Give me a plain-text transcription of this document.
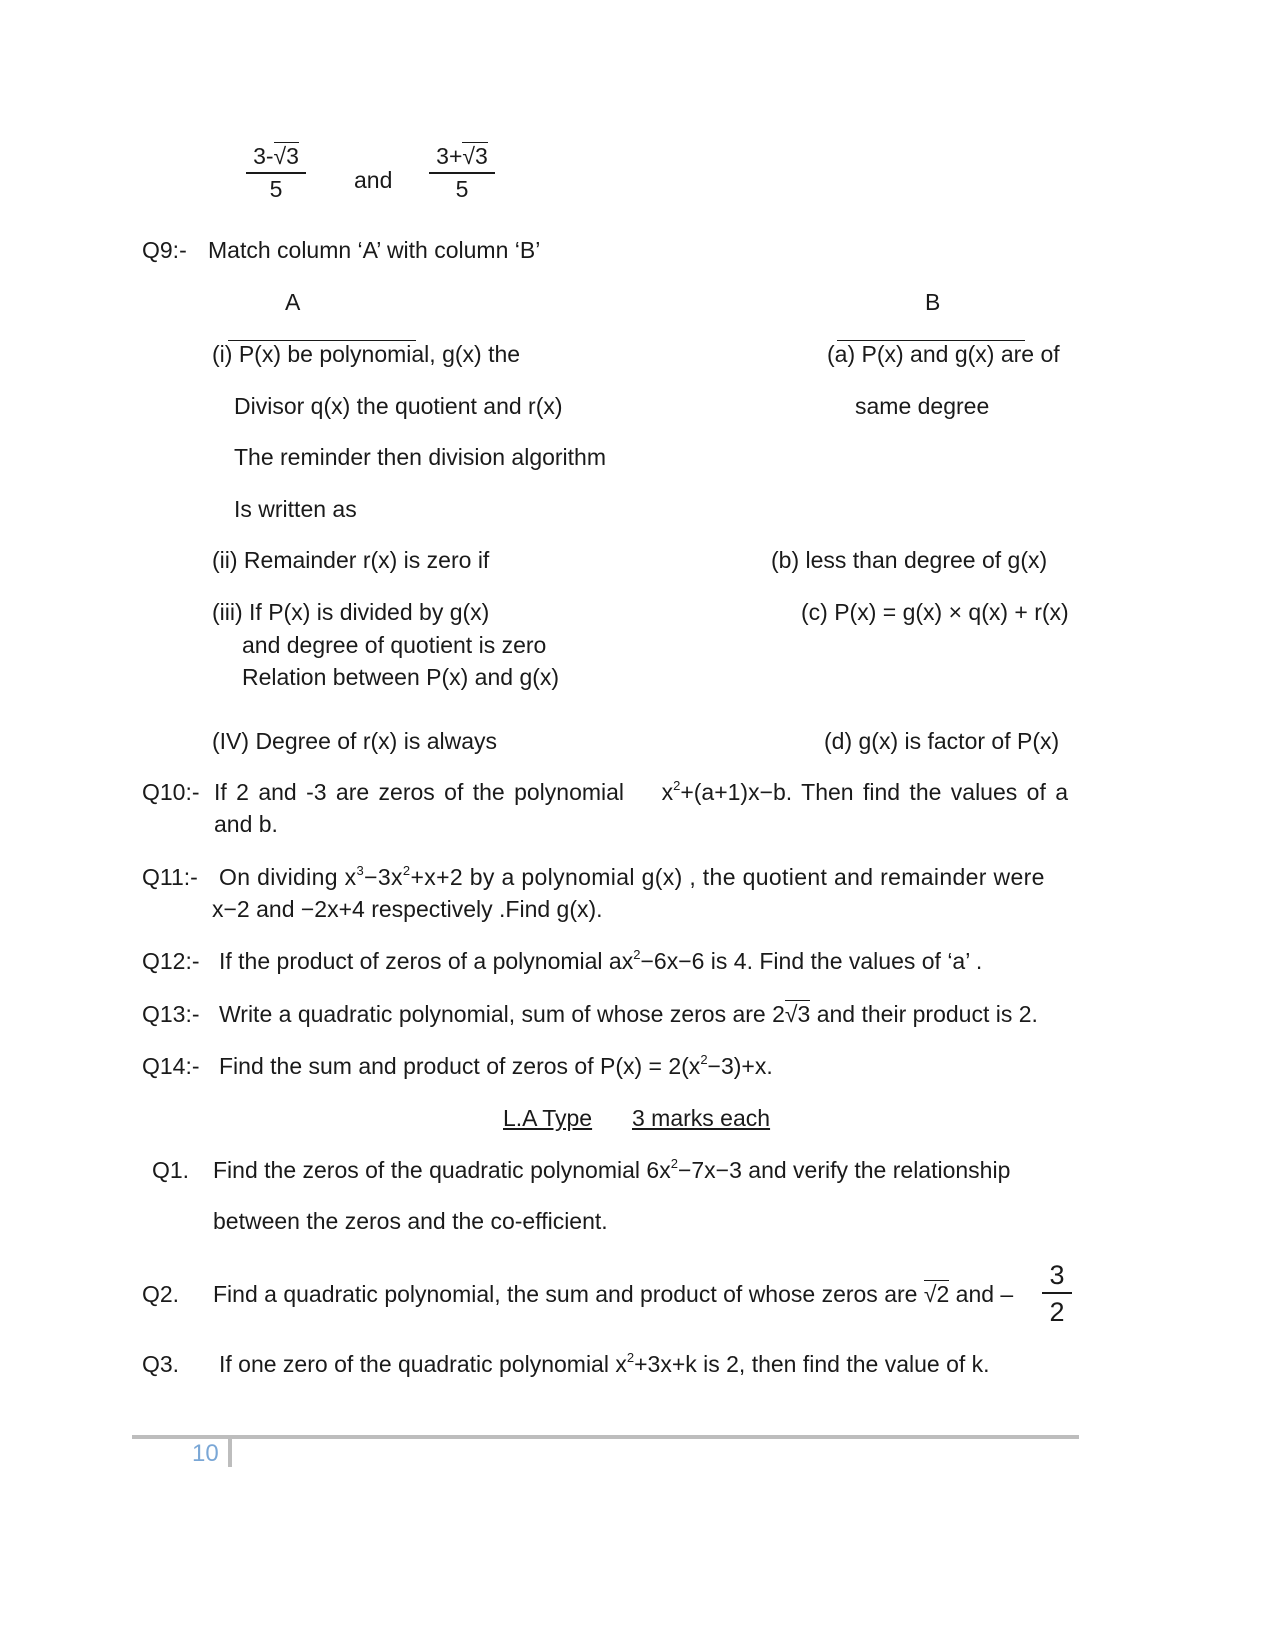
$\frac{3- √ 3}{5}$ and $\frac{3+ √ 3}{5}$
Q9:- Match column ‘A’ with column ‘B’
A	B
(i) P(x) be polynomial, g(x) the
Divisor q(x) the quotient and r(x)
The reminder then division algorithm
Is written as
(ii) Remainder r(x) is zero if
(iii) If P(x) is divided by g(x)
and degree of quotient is zero
Relation between P(x) and g(x)
(IV) Degree of r(x) is always
(a) P(x) and g(x) are of
same degree
(b) less than degree of g(x)
(c) P(x) = g(x) × q(x) + r(x)
(d) g(x) is factor of P(x)
Q10:- If 2 and -3 are zeros of the polynomial $x^2+(a+1)x-b$. Then find the values of a
and b.
Q11:- On dividing $x^3-3x^2+x+2$ by a polynomial g(x) , the quotient and remainder were
x−2 and −2x+4 respectively .Find g(x).
Q12:- If the product of zeros of a polynomial $ax^2-6x-6$ is 4. Find the values of ‘a’ .
Q13:- Write a quadratic polynomial, sum of whose zeros are 2 √ 3 and their product is 2.
Q14:- Find the sum and product of zeros of $P(x) = 2(x^2-3)+x$.
L.A Type 3 marks each
Q1. Find the zeros of the quadratic polynomial $6x^2-7x-3$ and verify the relationship
between the zeros and the co-efficient.
Q2. Find a quadratic polynomial, the sum and product of whose zeros are √ 2 and – $\frac{3}{2}$
Q3. If one zero of the quadratic polynomial $x^2+3x+k$ is 2, then find the value of k.
10
